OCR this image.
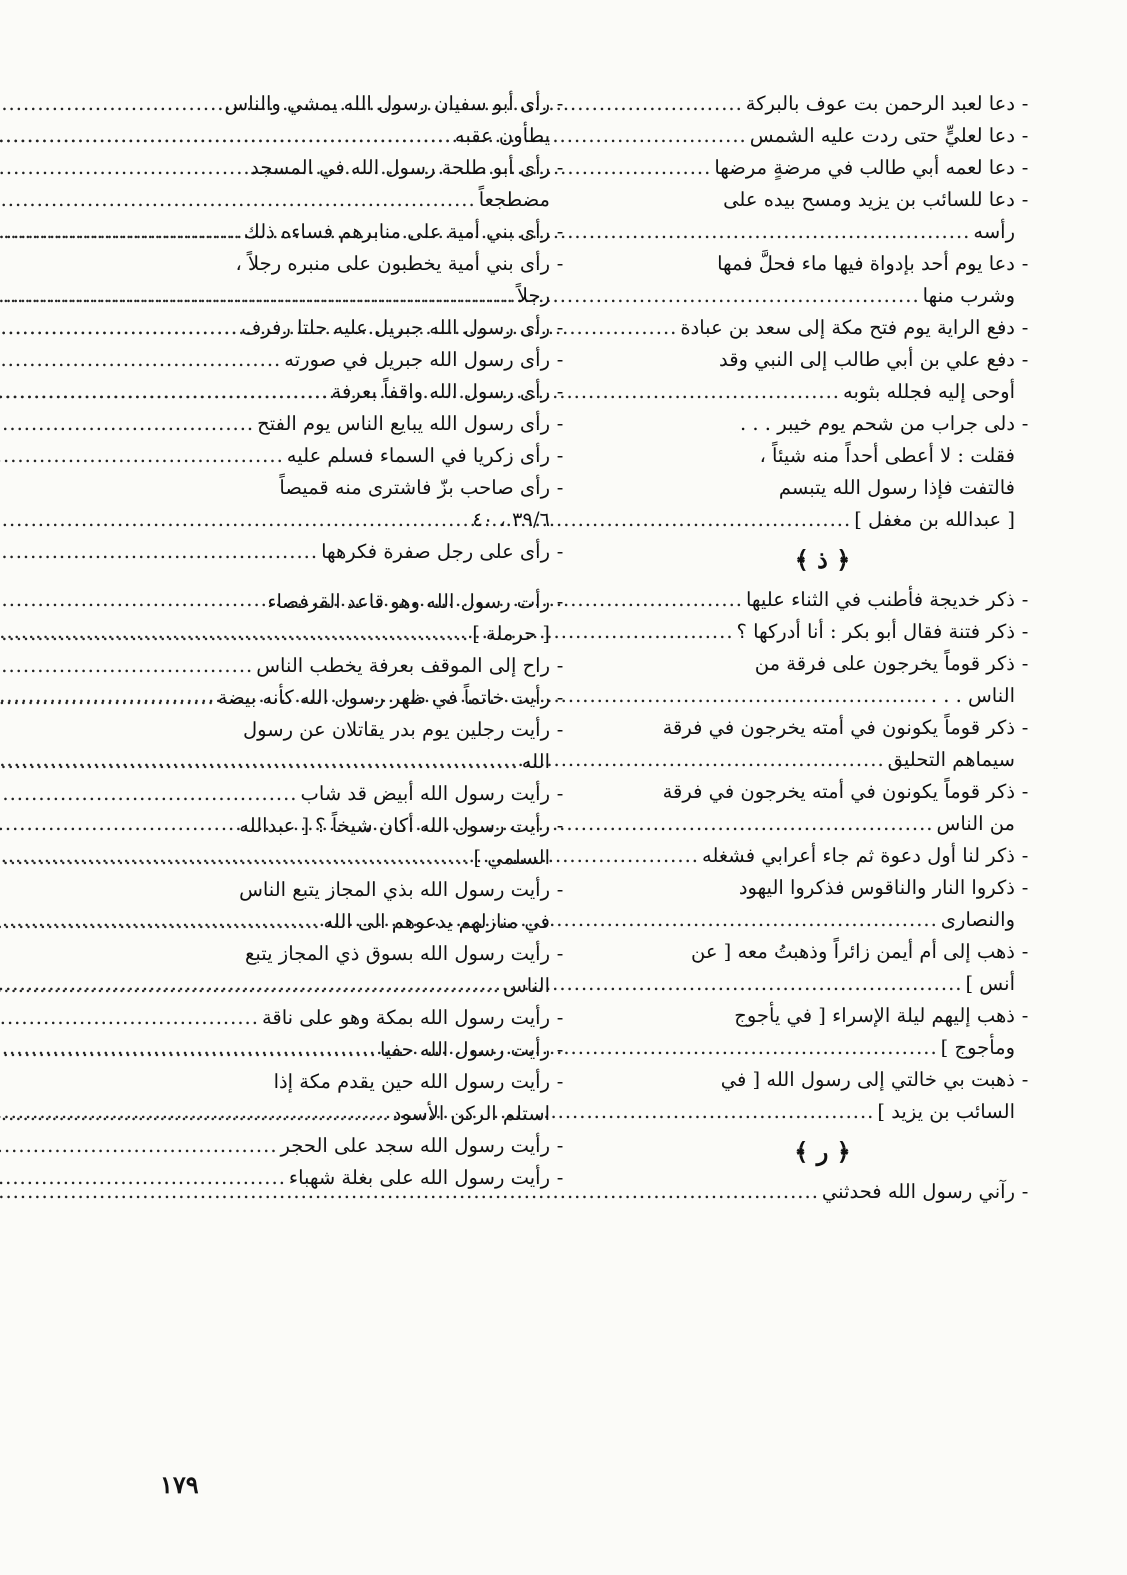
-
دعا لعبد الرحمن بت عوف بالبركة
.....
-
دعا لعليٍّ حتى ردت عليه الشمس
.....
-
دعا لعمه أبي طالب في مرضةٍ مرضها
.....
-
دعا للسائب بن يزيد ومسح بيده على
رأسه
.....
-
دعا يوم أحد بإدواة فيها ماء فحلَّ فمها
وشرب منها
.....
-
دفع الراية يوم فتح مكة إلى سعد بن عبادة
.....
-
دفع علي بن أبي طالب إلى النبي وقد
أوحى إليه فجلله بثوبه
.....
-
دلى جراب من شحم يوم خيبر . . .
فقلت : لا أعطى أحداً منه شيئاً ،
فالتفت فإذا رسول الله يتبسم
[ عبدالله بن مغفل ]
.....
﴿ ذ ﴾
-
ذكر خديجة فأطنب في الثناء عليها
.....
-
ذكر فتنة فقال أبو بكر : أنا أدركها ؟
.....
-
ذكر قوماً يخرجون على فرقة من
الناس . . .
.....
-
ذكر قوماً يكونون في أمته يخرجون في فرقة
سيماهم التحليق
.....
-
ذكر قوماً يكونون في أمته يخرجون في فرقة
من الناس
.....
-
ذكر لنا أول دعوة ثم جاء أعرابي فشغله
.....
-
ذكروا النار والناقوس فذكروا اليهود
والنصارى
.....
-
ذهب إلى أم أيمن زائراً وذهبتُ معه [ عن
أنس ]
.....
-
ذهب إليهم ليلة الإسراء [ في يأجوج
ومأجوج ]
.....
-
ذهبت بي خالتي إلى رسول الله [ في
السائب بن يزيد ]
.....
﴿ ر ﴾
-
رآني رسول الله فحدثني
.....
-
رأى أبو سفيان رسول الله يمشي والناس
يطأون عقبه
.....
-
رأى أبو طلحة رسول الله في المسجد
مضطجعاً
.....
-
رأى بني أمية على منابرهم فساءه ذلك
.....
-
رأى بني أمية يخطبون على منبره رجلاً ،
رجلاً
.....
-
رأى رسول الله جبريل عليه حلتا رفرف
.....
-
رأى رسول الله جبريل في صورته
.....
-
رأى رسول الله واقفاً بعرفة
.....
-
رأى رسول الله يبايع الناس يوم الفتح
.....
-
رأى زكريا في السماء فسلم عليه
.....
-
رأى صاحب بزّ فاشترى منه قميصاً
٣٩/٦ ، ٤٠
-
رأى على رجل صفرة فكرهها
.....
-
رأت رسول الله وهو قاعد القرفصاء
[ حرملة ]
.....
-
راح إلى الموقف بعرفة يخطب الناس
.....
-
رأيت خاتماً في ظهر رسول الله كأنه بيضة
.....
-
رأيت رجلين يوم بدر يقاتلان عن رسول
الله
.....
-
رأيت رسول الله أبيض قد شاب
.....
-
رأيت رسول الله أكان شيخاً ؟ [ عبدالله
السلمي ]
.....
-
رأيت رسول الله بذي المجاز يتبع الناس
في منازلهم يدعوهم الى الله
.....
-
رأيت رسول الله بسوق ذي المجاز يتبع
الناس
.....
-
رأيت رسول الله بمكة وهو على ناقة
.....
-
رأيت رسول الله حفيا
.....
-
رأيت رسول الله حين يقدم مكة إذا
استلم الركن الأسود
.....
-
رأيت رسول الله سجد على الحجر
.....
-
رأيت رسول الله على بغلة شهباء
.....
١٧٩
